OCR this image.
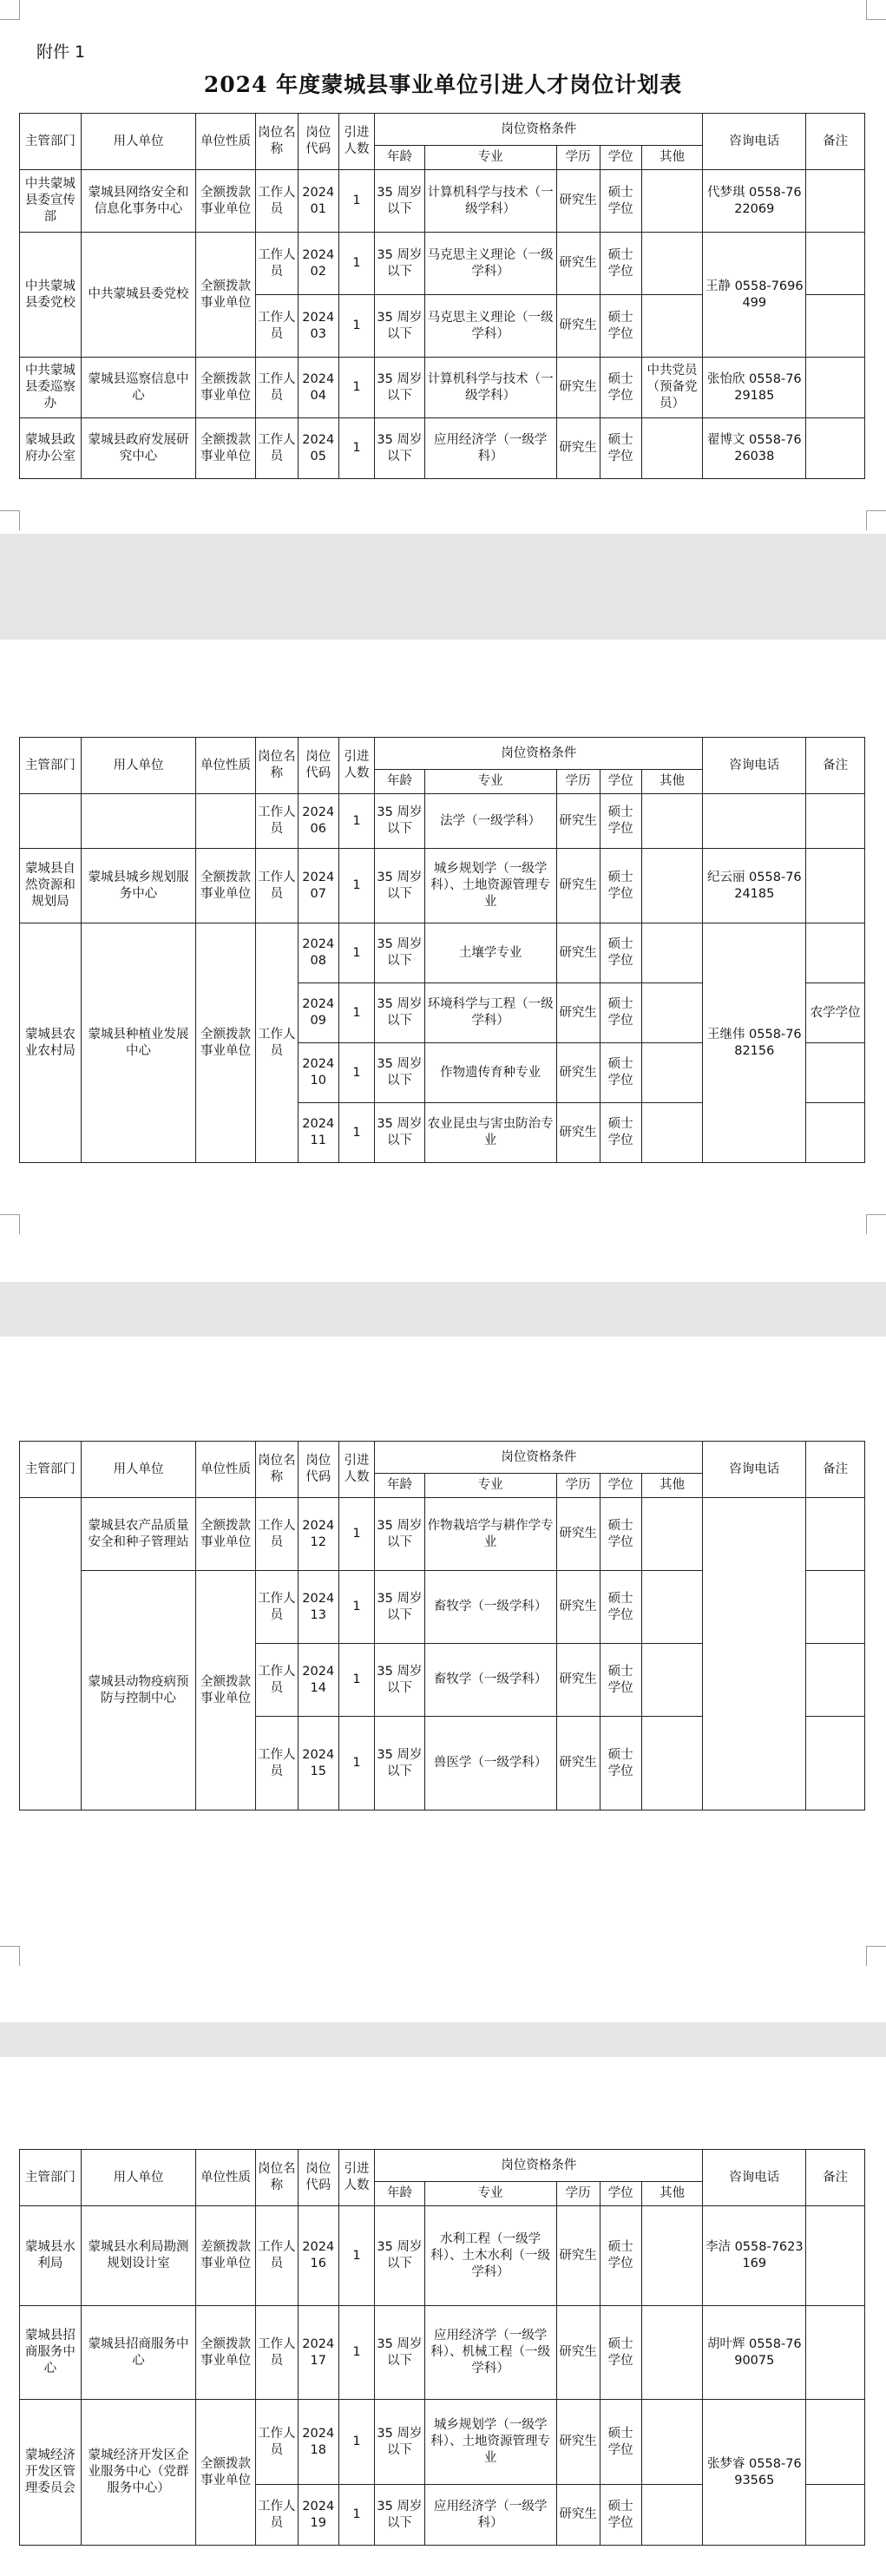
附件 1
2024 年度蒙城县事业单位引进人才岗位计划表
主管部门	用人单位	单位性质	岗位名称	岗位代码	引进人数	岗位资格条件					咨询电话	备注
						年龄	专业	学历	学位	其他		
中共蒙城县委宣传部	蒙城县网络安全和信息化事务中心	全额拨款事业单位	工作人员	202401	1	35 周岁以下	计算机科学与技术（一级学科）	研究生	硕士学位		代梦琪 0558-7622069	
中共蒙城县委党校	中共蒙城县委党校	全额拨款事业单位	工作人员	202402	1	35 周岁以下	马克思主义理论（一级学科）	研究生	硕士学位		王静 0558-7696499	
			工作人员	202403	1	35 周岁以下	马克思主义理论（一级学科）	研究生	硕士学位			
中共蒙城县委巡察办	蒙城县巡察信息中心	全额拨款事业单位	工作人员	202404	1	35 周岁以下	计算机科学与技术（一级学科）	研究生	硕士学位	中共党员（预备党员）	张怡欣 0558-7629185	
蒙城县政府办公室	蒙城县政府发展研究中心	全额拨款事业单位	工作人员	202405	1	35 周岁以下	应用经济学（一级学科）	研究生	硕士学位		翟博文 0558-7626038	
主管部门	用人单位	单位性质	岗位名称	岗位代码	引进人数	岗位资格条件					咨询电话	备注
						年龄	专业	学历	学位	其他		
			工作人员	202406	1	35 周岁以下	法学（一级学科）	研究生	硕士学位			
蒙城县自然资源和规划局	蒙城县城乡规划服务中心	全额拨款事业单位	工作人员	202407	1	35 周岁以下	城乡规划学（一级学科）、土地资源管理专业	研究生	硕士学位		纪云丽 0558-7624185	
蒙城县农业农村局	蒙城县种植业发展中心	全额拨款事业单位	工作人员	202408	1	35 周岁以下	土壤学专业	研究生	硕士学位		王继伟 0558-7682156	
				202409	1	35 周岁以下	环境科学与工程（一级学科）	研究生	硕士学位			农学学位
				202410	1	35 周岁以下	作物遗传育种专业	研究生	硕士学位			
				202411	1	35 周岁以下	农业昆虫与害虫防治专业	研究生	硕士学位			
主管部门	用人单位	单位性质	岗位名称	岗位代码	引进人数	岗位资格条件					咨询电话	备注
						年龄	专业	学历	学位	其他		
	蒙城县农产品质量安全和种子管理站	全额拨款事业单位	工作人员	202412	1	35 周岁以下	作物栽培学与耕作学专业	研究生	硕士学位			
	蒙城县动物疫病预防与控制中心	全额拨款事业单位	工作人员	202413	1	35 周岁以下	畜牧学（一级学科）	研究生	硕士学位			
			工作人员	202414	1	35 周岁以下	畜牧学（一级学科）	研究生	硕士学位			
			工作人员	202415	1	35 周岁以下	兽医学（一级学科）	研究生	硕士学位			
主管部门	用人单位	单位性质	岗位名称	岗位代码	引进人数	岗位资格条件					咨询电话	备注
						年龄	专业	学历	学位	其他		
蒙城县水利局	蒙城县水利局勘测规划设计室	差额拨款事业单位	工作人员	202416	1	35 周岁以下	水利工程（一级学科）、土木水利（一级学科）	研究生	硕士学位		李洁 0558-7623169	
蒙城县招商服务中心	蒙城县招商服务中心	全额拨款事业单位	工作人员	202417	1	35 周岁以下	应用经济学（一级学科）、机械工程（一级学科）	研究生	硕士学位		胡叶辉 0558-7690075	
蒙城经济开发区管理委员会	蒙城经济开发区企业服务中心（党群服务中心）	全额拨款事业单位	工作人员	202418	1	35 周岁以下	城乡规划学（一级学科）、土地资源管理专业	研究生	硕士学位		张梦睿 0558-7693565	
			工作人员	202419	1	35 周岁以下	应用经济学（一级学科）	研究生	硕士学位			
